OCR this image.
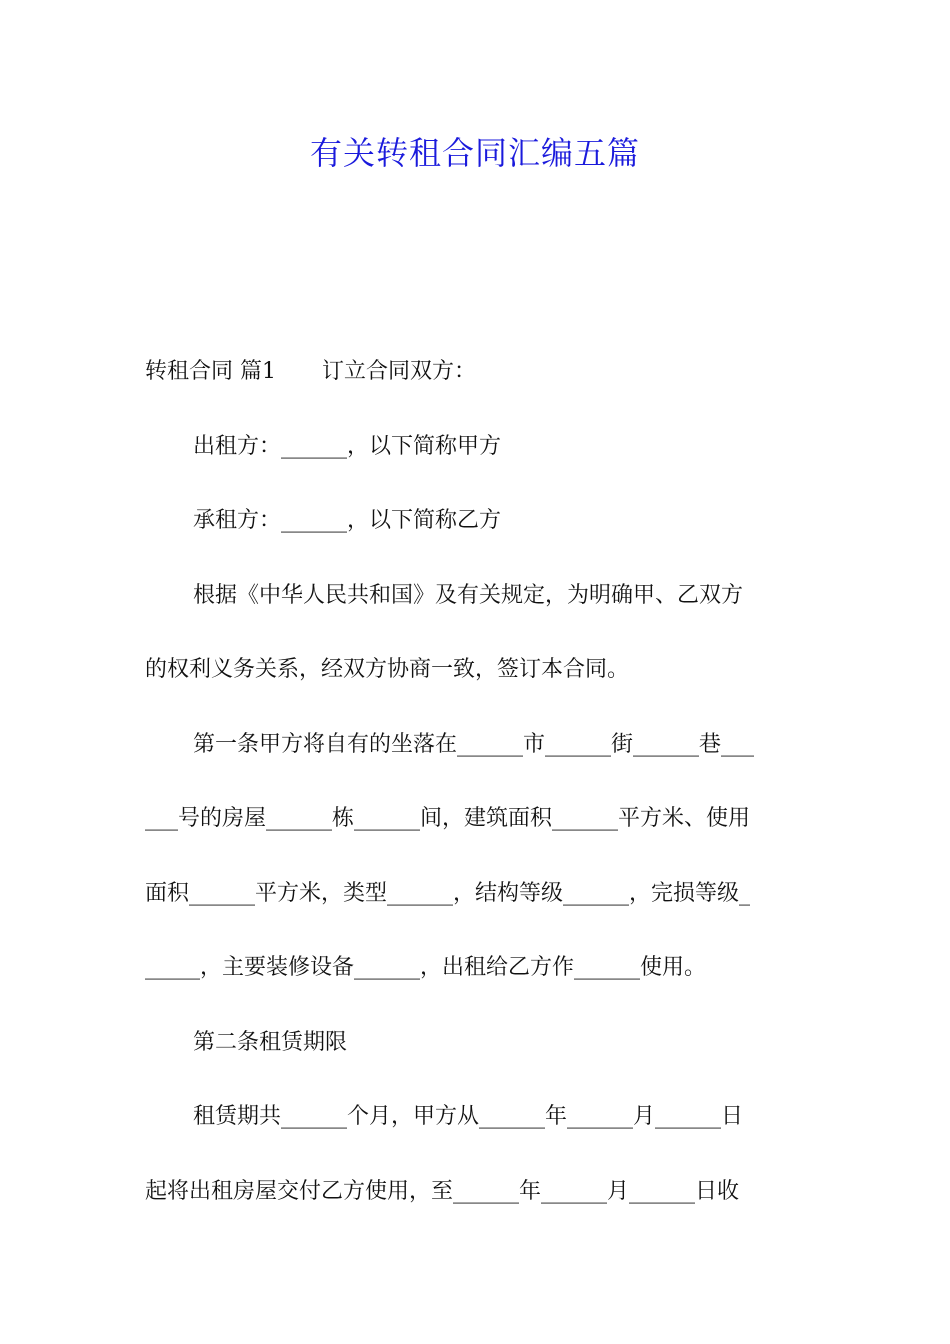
有关转租合同汇编五篇
转租合同 篇1 订立合同双方：
出租方：______，以下简称甲方
承租方：______，以下简称乙方
根据《中华人民共和国》及有关规定，为明确甲、乙双方
的权利义务关系，经双方协商一致，签订本合同。
第一条甲方将自有的坐落在______市______街______巷___
___号的房屋______栋______间，建筑面积______平方米、使用
面积______平方米，类型______，结构等级______，完损等级_
_____，主要装修设备______，出租给乙方作______使用。
第二条租赁期限
租赁期共______个月，甲方从______年______月______日
起将出租房屋交付乙方使用，至______年______月______日收
